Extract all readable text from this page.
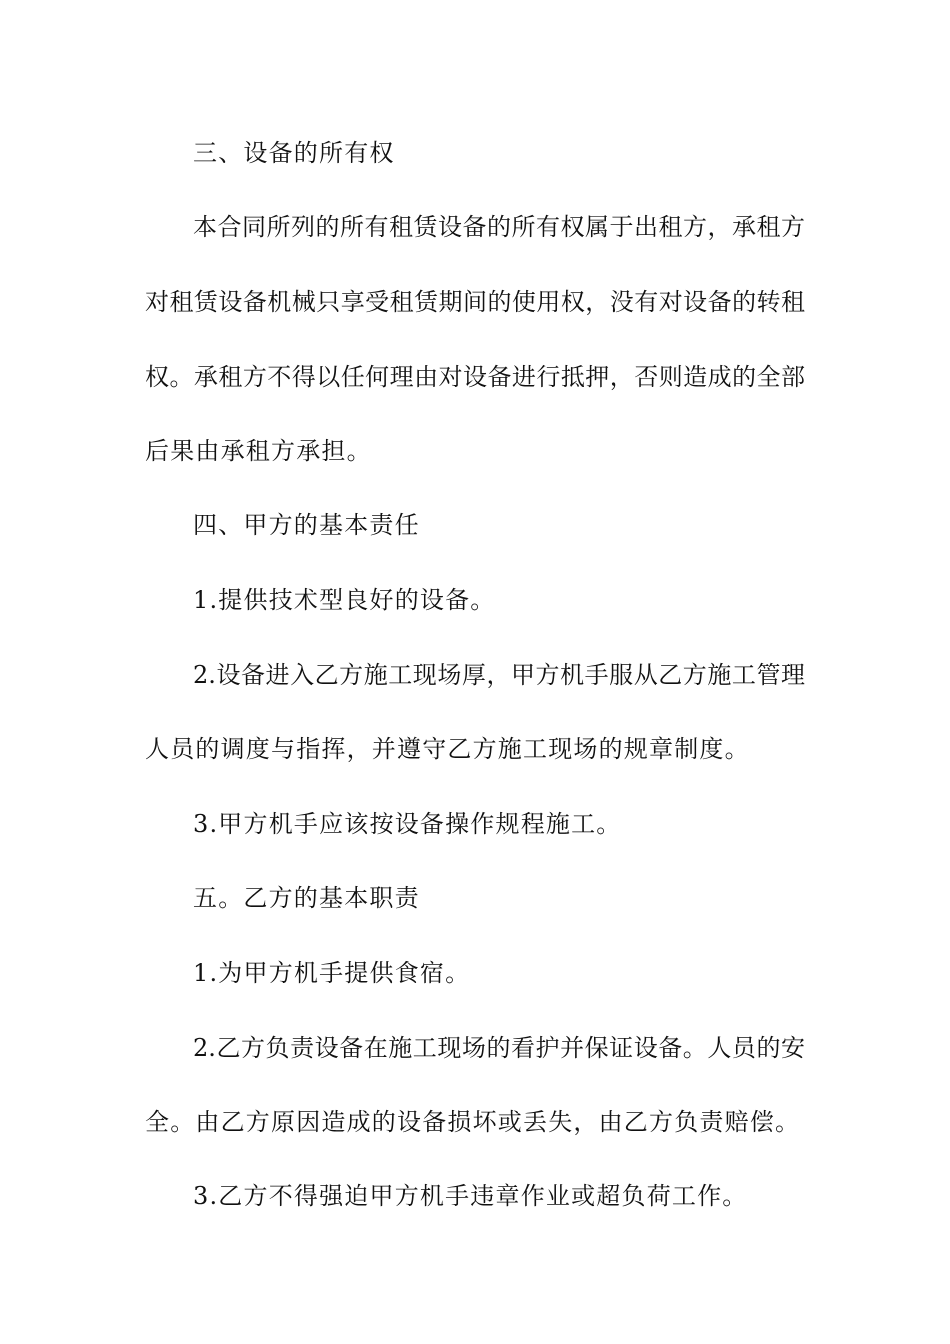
三、设备的所有权
本合同所列的所有租赁设备的所有权属于出租方，承租方
对租赁设备机械只享受租赁期间的使用权，没有对设备的转租
权。承租方不得以任何理由对设备进行抵押，否则造成的全部
后果由承租方承担。
四、甲方的基本责任
1.提供技术型良好的设备。
2.设备进入乙方施工现场厚，甲方机手服从乙方施工管理
人员的调度与指挥，并遵守乙方施工现场的规章制度。
3.甲方机手应该按设备操作规程施工。
五。乙方的基本职责
1.为甲方机手提供食宿。
2.乙方负责设备在施工现场的看护并保证设备。人员的安
全。由乙方原因造成的设备损坏或丢失，由乙方负责赔偿。
3.乙方不得强迫甲方机手违章作业或超负荷工作。
